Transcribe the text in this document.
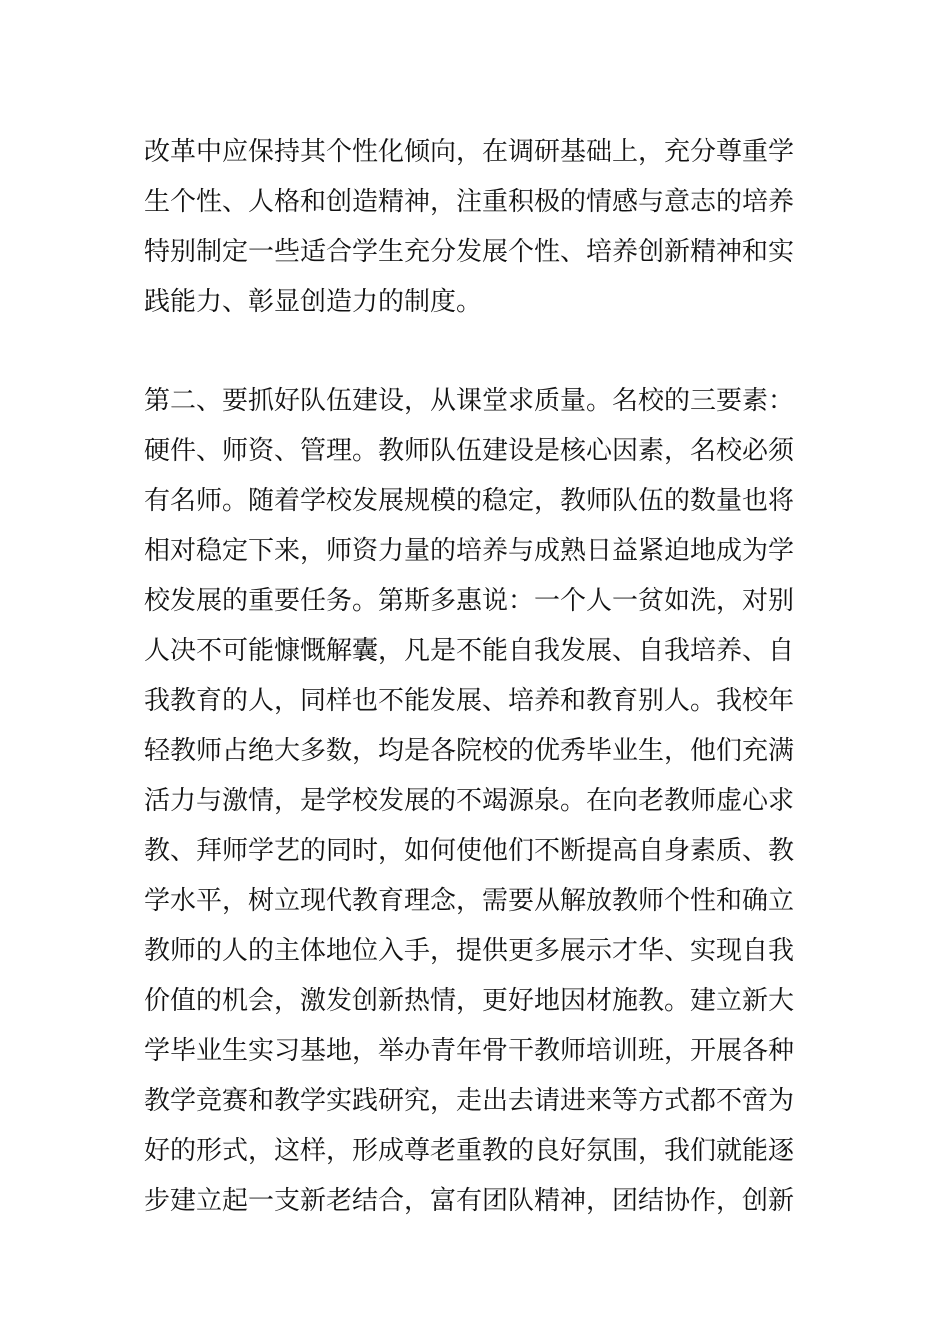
改革中应保持其个性化倾向，在调研基础上，充分尊重学
生个性、人格和创造精神，注重积极的情感与意志的培养
特别制定一些适合学生充分发展个性、培养创新精神和实
践能力、彰显创造力的制度。
第二、要抓好队伍建设，从课堂求质量。名校的三要素：
硬件、师资、管理。教师队伍建设是核心因素，名校必须
有名师。随着学校发展规模的稳定，教师队伍的数量也将
相对稳定下来，师资力量的培养与成熟日益紧迫地成为学
校发展的重要任务。第斯多惠说：一个人一贫如洗，对别
人决不可能慷慨解囊，凡是不能自我发展、自我培养、自
我教育的人，同样也不能发展、培养和教育别人。我校年
轻教师占绝大多数，均是各院校的优秀毕业生，他们充满
活力与激情，是学校发展的不竭源泉。在向老教师虚心求
教、拜师学艺的同时，如何使他们不断提高自身素质、教
学水平，树立现代教育理念，需要从解放教师个性和确立
教师的人的主体地位入手，提供更多展示才华、实现自我
价值的机会，激发创新热情，更好地因材施教。建立新大
学毕业生实习基地，举办青年骨干教师培训班，开展各种
教学竞赛和教学实践研究，走出去请进来等方式都不啻为
好的形式，这样，形成尊老重教的良好氛围，我们就能逐
步建立起一支新老结合，富有团队精神，团结协作，创新
